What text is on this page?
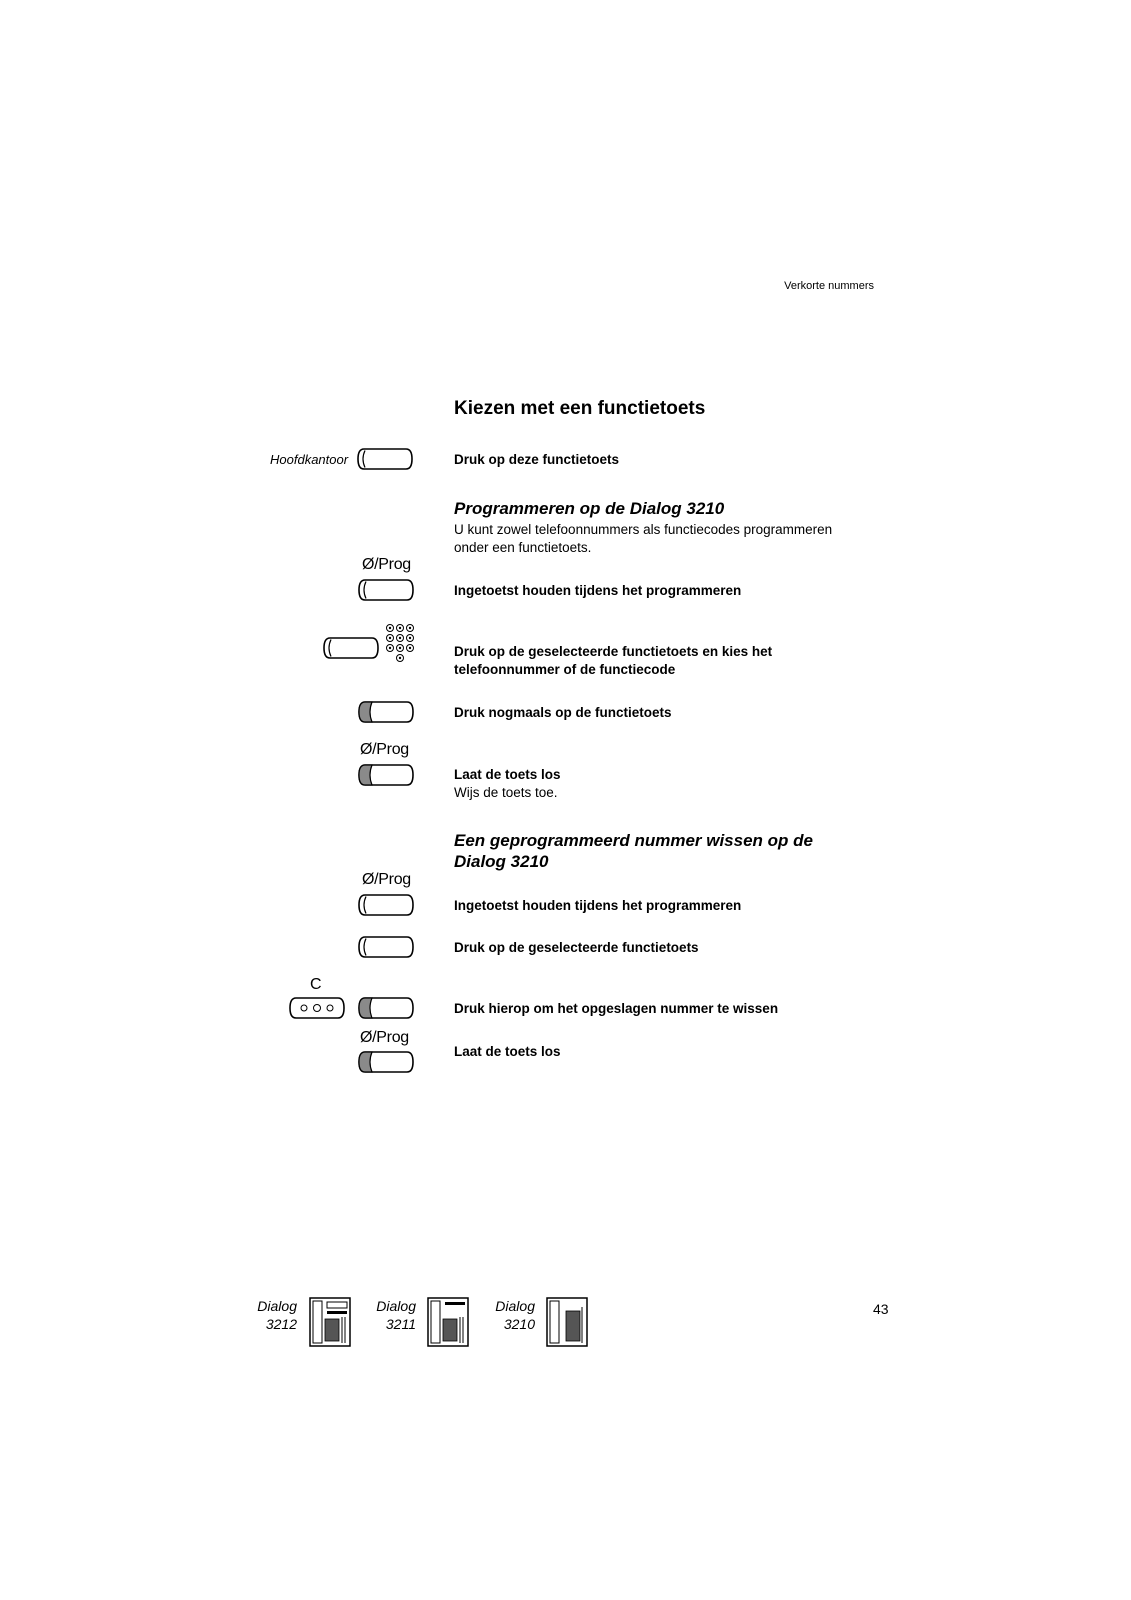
Verkorte nummers
Kiezen met een functietoets
Hoofdkantoor	Druk op deze functietoets
Programmeren op de Dialog 3210
U kunt zowel telefoonnummers als functiecodes programmeren
onder een functietoets.
Ø/Prog
Ingetoetst houden tijdens het programmeren
Druk op de geselecteerde functietoets en kies het
telefoonnummer of de functiecode
Druk nogmaals op de functietoets
Ø/Prog
Laat de toets los
Wijs de toets toe.
Een geprogrammeerd nummer wissen op de
Dialog 3210
Ø/Prog
Ingetoetst houden tijdens het programmeren
Druk op de geselecteerde functietoets
C
Druk hierop om het opgeslagen nummer te wissen
Ø/Prog
Laat de toets los
Dialog
3212
Dialog
3211
Dialog
3210
43
